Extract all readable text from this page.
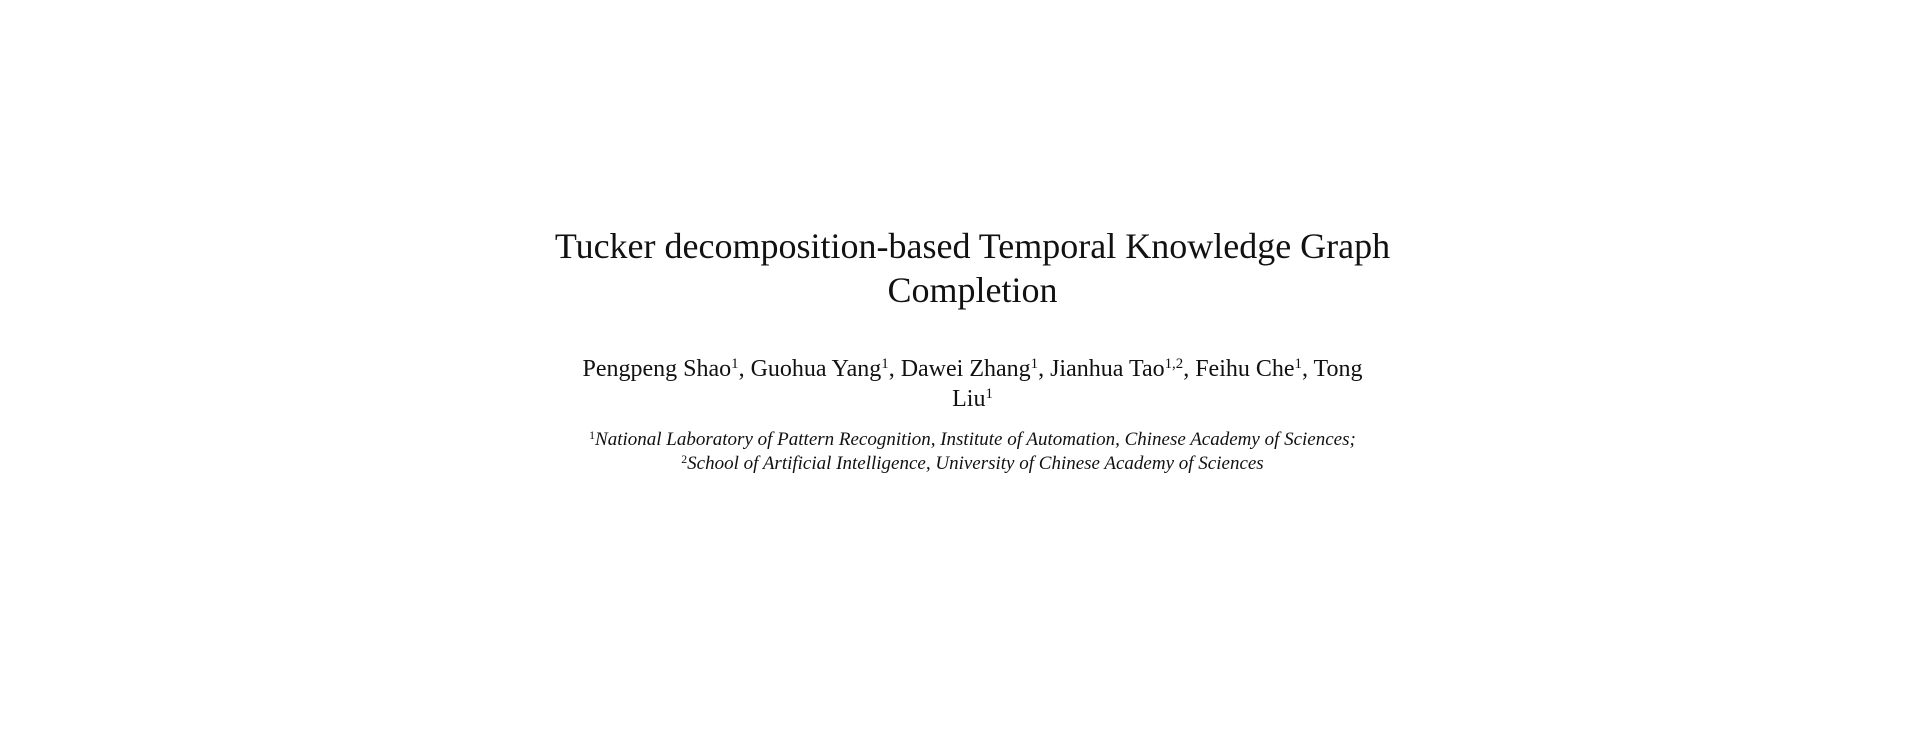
Tucker decomposition-based Temporal Knowledge Graph
Completion
Pengpeng Shao$^1$, Guohua Yang$^1$, Dawei Zhang$^1$, Jianhua Tao$^{1,2}$, Feihu Che$^1$, Tong
Liu$^1$
$^1$National Laboratory of Pattern Recognition, Institute of Automation, Chinese Academy of Sciences;
$^2$School of Artificial Intelligence, University of Chinese Academy of Sciences
